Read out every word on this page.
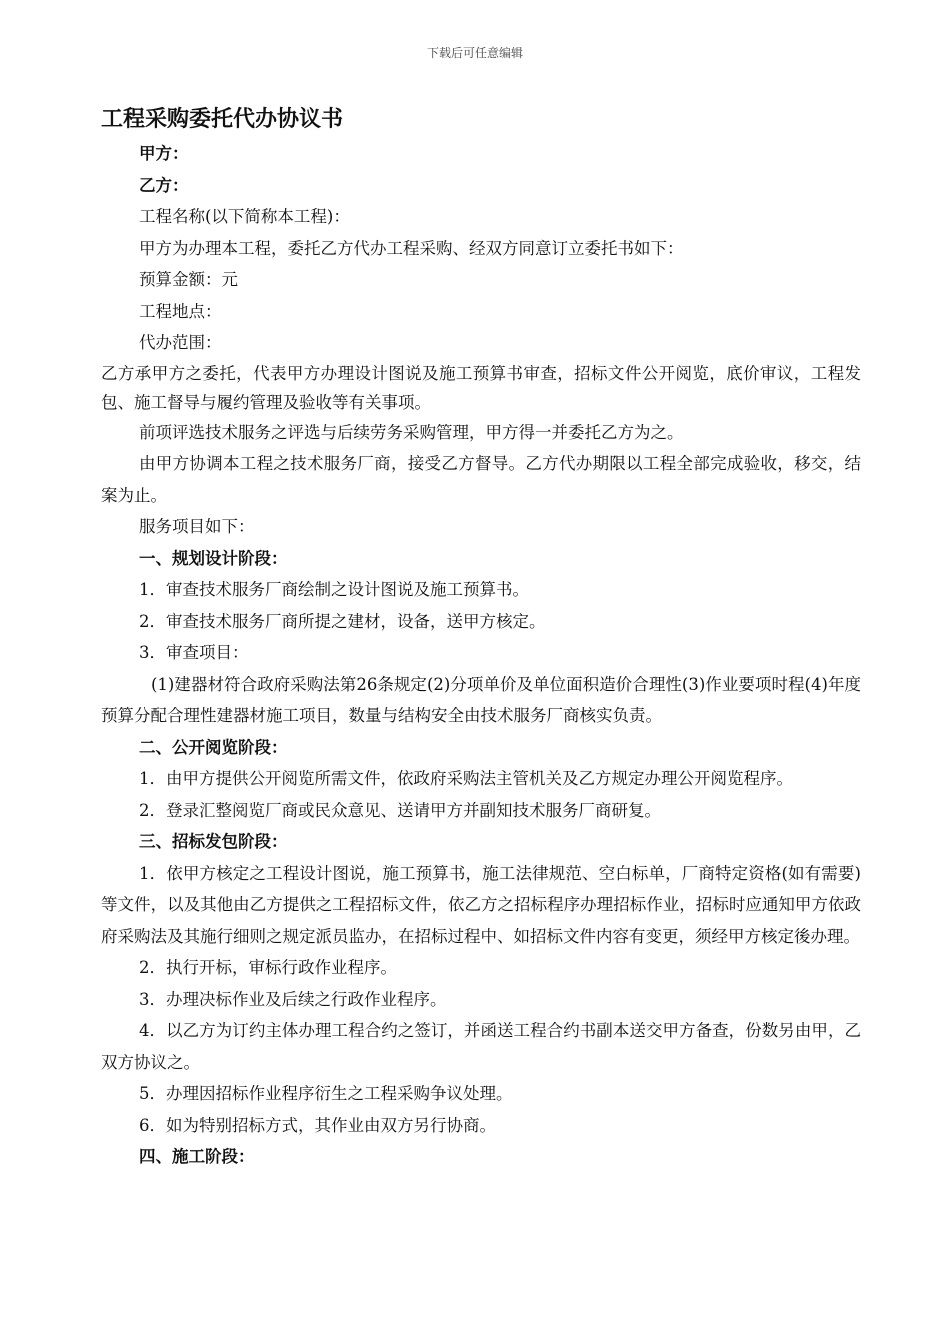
下载后可任意编辑
工程采购委托代办协议书

甲方：

乙方：

工程名称(以下简称本工程)：

甲方为办理本工程，委托乙方代办工程采购、经双方同意订立委托书如下：

预算金额：元

工程地点：

代办范围：

乙方承甲方之委托，代表甲方办理设计图说及施工预算书审查，招标文件公开阅览，底价审议，工程发包、施工督导与履约管理及验收等有关事项。

前项评选技术服务之评选与后续劳务采购管理，甲方得一并委托乙方为之。

由甲方协调本工程之技术服务厂商，接受乙方督导。乙方代办期限以工程全部完成验收，移交，结案为止。

服务项目如下：

一、规划设计阶段：

1．审查技术服务厂商绘制之设计图说及施工预算书。

2．审查技术服务厂商所提之建材，设备，送甲方核定。

3．审查项目：

(1)建器材符合政府采购法第26条规定(2)分项单价及单位面积造价合理性(3)作业要项时程(4)年度预算分配合理性建器材施工项目，数量与结构安全由技术服务厂商核实负责。

二、公开阅览阶段：

1．由甲方提供公开阅览所需文件，依政府采购法主管机关及乙方规定办理公开阅览程序。

2．登录汇整阅览厂商或民众意见、送请甲方并副知技术服务厂商研复。

三、招标发包阶段：

1．依甲方核定之工程设计图说，施工预算书，施工法律规范、空白标单，厂商特定资格(如有需要)等文件，以及其他由乙方提供之工程招标文件，依乙方之招标程序办理招标作业，招标时应通知甲方依政府采购法及其施行细则之规定派员监办，在招标过程中、如招标文件内容有变更，须经甲方核定後办理。

2．执行开标，审标行政作业程序。

3．办理决标作业及后续之行政作业程序。

4．以乙方为订约主体办理工程合约之签订，并函送工程合约书副本送交甲方备查，份数另由甲，乙双方协议之。

5．办理因招标作业程序衍生之工程采购争议处理。

6．如为特别招标方式，其作业由双方另行协商。

四、施工阶段：
